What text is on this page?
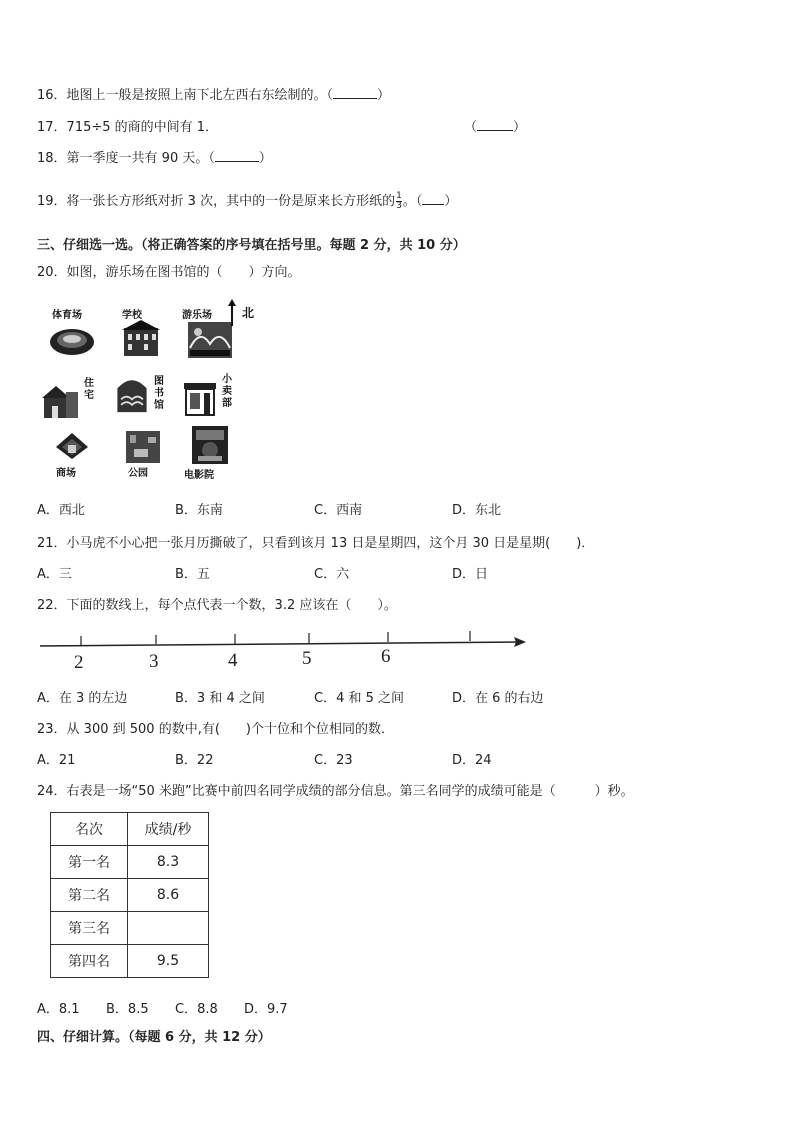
16．地图上一般是按照上南下北左西右东绘制的。（	）
17．715÷5 的商的中间有 1．	（	）
18．第一季度一共有 90 天。（	）
19．将一张长方形纸对折 3 次，其中的一份是原来长方形纸的 $\frac{1}{3}$ 。（ ）
三、仔细选一选。（将正确答案的序号填在括号里。每题 2 分，共 10 分）
20．如图，游乐场在图书馆的（　　）方向。
体育场	学校	游乐场	北
住宅
图书馆
小卖部
商场	公园	电影院
A．西北	B．东南	C．西南	D．东北
21．小马虎不小心把一张月历撕破了，只看到该月 13 日是星期四，这个月 30 日是星期(　　)．
A．三	B．五	C．六	D．日
22．下面的数线上，每个点代表一个数，3.2 应该在（　　）。
2	3	4	5	6
A．在 3 的左边	B．3 和 4 之间	C．4 和 5 之间	D．在 6 的右边
23．从 300 到 500 的数中,有(　　)个十位和个位相同的数．
A．21	B．22	C．23	D．24
24．右表是一场“50 米跑”比赛中前四名同学成绩的部分信息。第三名同学的成绩可能是（　　　）秒。
名次	成绩/秒
第一名	8.3
第二名	8.6
第三名	
第四名	9.5
A．8.1 B．8.5 C．8.8 D．9.7
四、仔细计算。（每题 6 分，共 12 分）
